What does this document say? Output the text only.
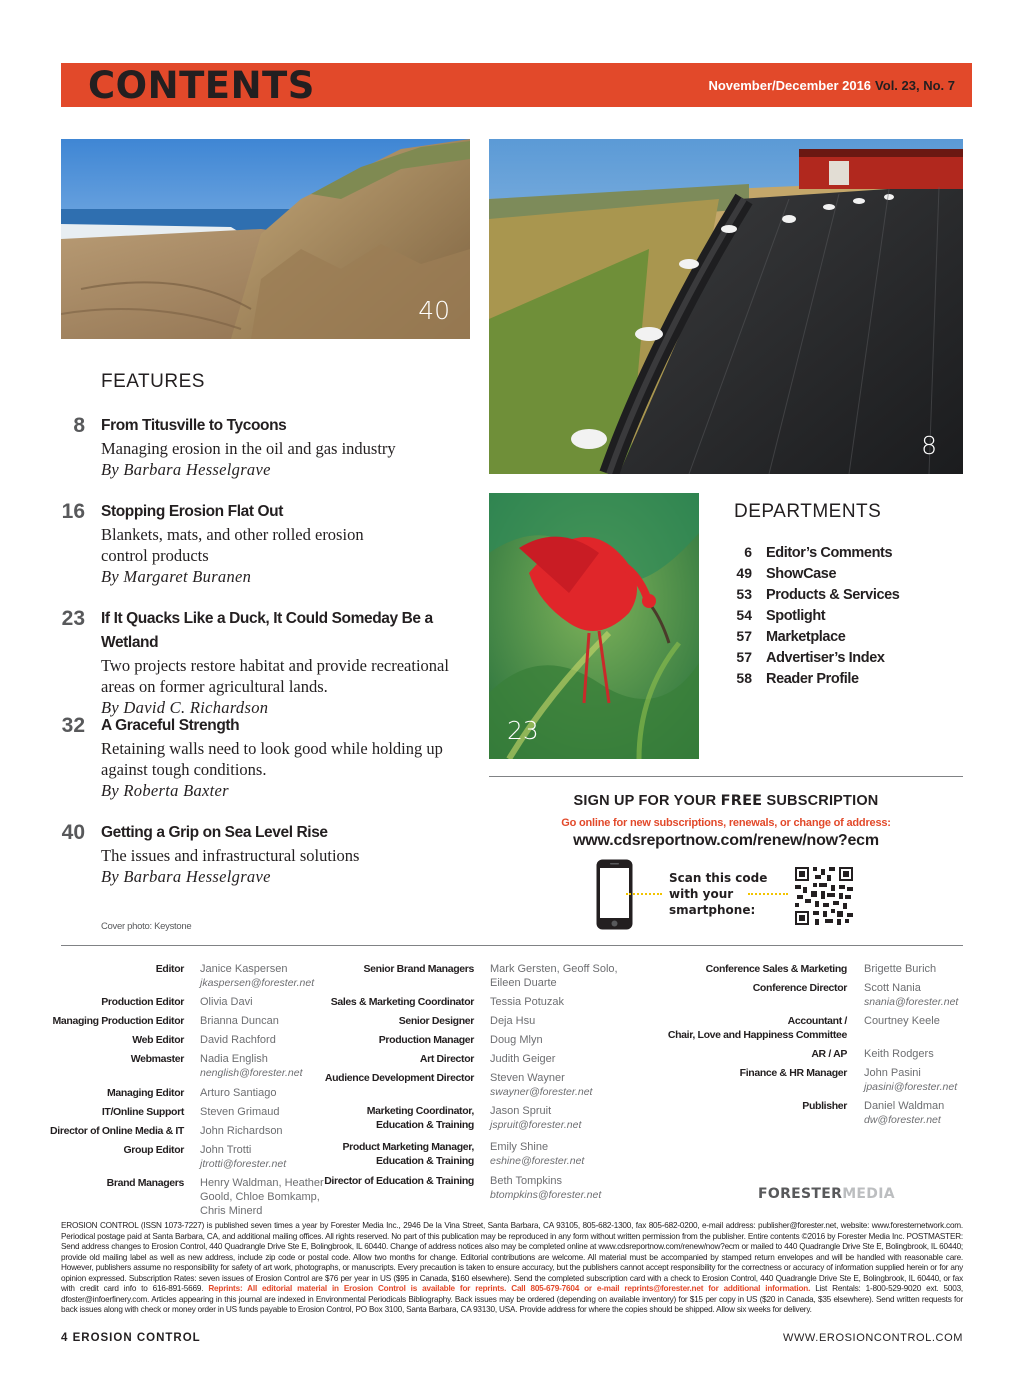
CONTENTS	November/December 2016 Vol. 23, No. 7
40
8
23
FEATURES
8 From Titusville to Tycoons
Managing erosion in the oil and gas industry
By Barbara Hesselgrave
16 Stopping Erosion Flat Out
Blankets, mats, and other rolled erosion
control products
By Margaret Buranen
23 If It Quacks Like a Duck, It Could Someday Be a Wetland
Two projects restore habitat and provide recreational
areas on former agricultural lands.
By David C. Richardson
32 A Graceful Strength
Retaining walls need to look good while holding up
against tough conditions.
By Roberta Baxter
40 Getting a Grip on Sea Level Rise
The issues and infrastructural solutions
By Barbara Hesselgrave
Cover photo: Keystone
DEPARTMENTS
6 Editor’s Comments
49 ShowCase
53 Products & Services
54 Spotlight
57 Marketplace
57 Advertiser’s Index
58 Reader Profile
SIGN UP FOR YOUR FREE SUBSCRIPTION
Go online for new subscriptions, renewals, or change of address:
www.cdsreportnow.com/renew/now?ecm
Scan this code
with your
smartphone:
Editor Janice Kaspersen
jkaspersen@forester.net
Production Editor Olivia Davi
Managing Production Editor Brianna Duncan
Web Editor David Rachford
Webmaster Nadia English
nenglish@forester.net
Managing Editor Arturo Santiago
IT/Online Support Steven Grimaud
Director of Online Media & IT John Richardson
Group Editor John Trotti
jtrotti@forester.net
Brand Managers Henry Waldman, Heather
Goold, Chloe Bomkamp,
Chris Minerd
Senior Brand Managers Mark Gersten, Geoff Solo,
Eileen Duarte
Sales & Marketing Coordinator Tessia Potuzak
Senior Designer Deja Hsu
Production Manager Doug Mlyn
Art Director Judith Geiger
Audience Development Director Steven Wayner
swayner@forester.net
Marketing Coordinator,
Education & Training
Jason Spruit
jspruit@forester.net
Product Marketing Manager,
Education & Training
Emily Shine
eshine@forester.net
Director of Education & Training Beth Tompkins
btompkins@forester.net
Conference Sales & Marketing Brigette Burich
Conference Director Scott Nania
snania@forester.net
Accountant /
Chair, Love and Happiness Committee
Courtney Keele
AR / AP Keith Rodgers
Finance & HR Manager John Pasini
jpasini@forester.net
Publisher Daniel Waldman
dw@forester.net
FORESTERMEDIA
EROSION CONTROL (ISSN 1073-7227) is published seven times a year by Forester Media Inc., 2946 De la Vina Street, Santa Barbara, CA 93105, 805-682-1300, fax 805-682-0200, e-mail address: publisher@forester.net, website: www.foresternetwork.com. Periodical postage paid at Santa Barbara, CA, and additional mailing offices. All rights reserved. No part of this publication may be reproduced in any form without written permission from the publisher. Entire contents ©2016 by Forester Media Inc. POSTMASTER: Send address changes to Erosion Control, 440 Quadrangle Drive Ste E, Bolingbrook, IL 60440. Change of address notices also may be completed online at www.cdsreportnow.com/renew/now?ecm or mailed to 440 Quadrangle Drive Ste E, Bolingbrook, IL 60440; provide old mailing label as well as new address, include zip code or postal code. Allow two months for change. Editorial contributions are welcome. All material must be accompanied by stamped return envelopes and will be handled with reasonable care. However, publishers assume no responsibility for safety of art work, photographs, or manuscripts. Every precaution is taken to ensure accuracy, but the publishers cannot accept responsibility for the correctness or accuracy of information supplied herein or for any opinion expressed. Subscription Rates: seven issues of Erosion Control are $76 per year in US ($95 in Canada, $160 elsewhere). Send the completed subscription card with a check to Erosion Control, 440 Quadrangle Drive Ste E, Bolingbrook, IL 60440, or fax with credit card info to 616-891-5669. Reprints: All editorial material in Erosion Control is available for reprints. Call 805-679-7604 or e-mail reprints@forester.net for additional information. List Rentals: 1-800-529-9020 ext. 5003, dfoster@infoerfinery.com. Articles appearing in this journal are indexed in Environmental Periodicals Bibliography. Back issues may be ordered (depending on available inventory) for $15 per copy in US ($20 in Canada, $35 elsewhere). Send written requests for back issues along with check or money order in US funds payable to Erosion Control, PO Box 3100, Santa Barbara, CA 93130, USA. Provide address for where the copies should be shipped. Allow six weeks for delivery.
4 EROSION CONTROL	WWW.EROSIONCONTROL.COM
